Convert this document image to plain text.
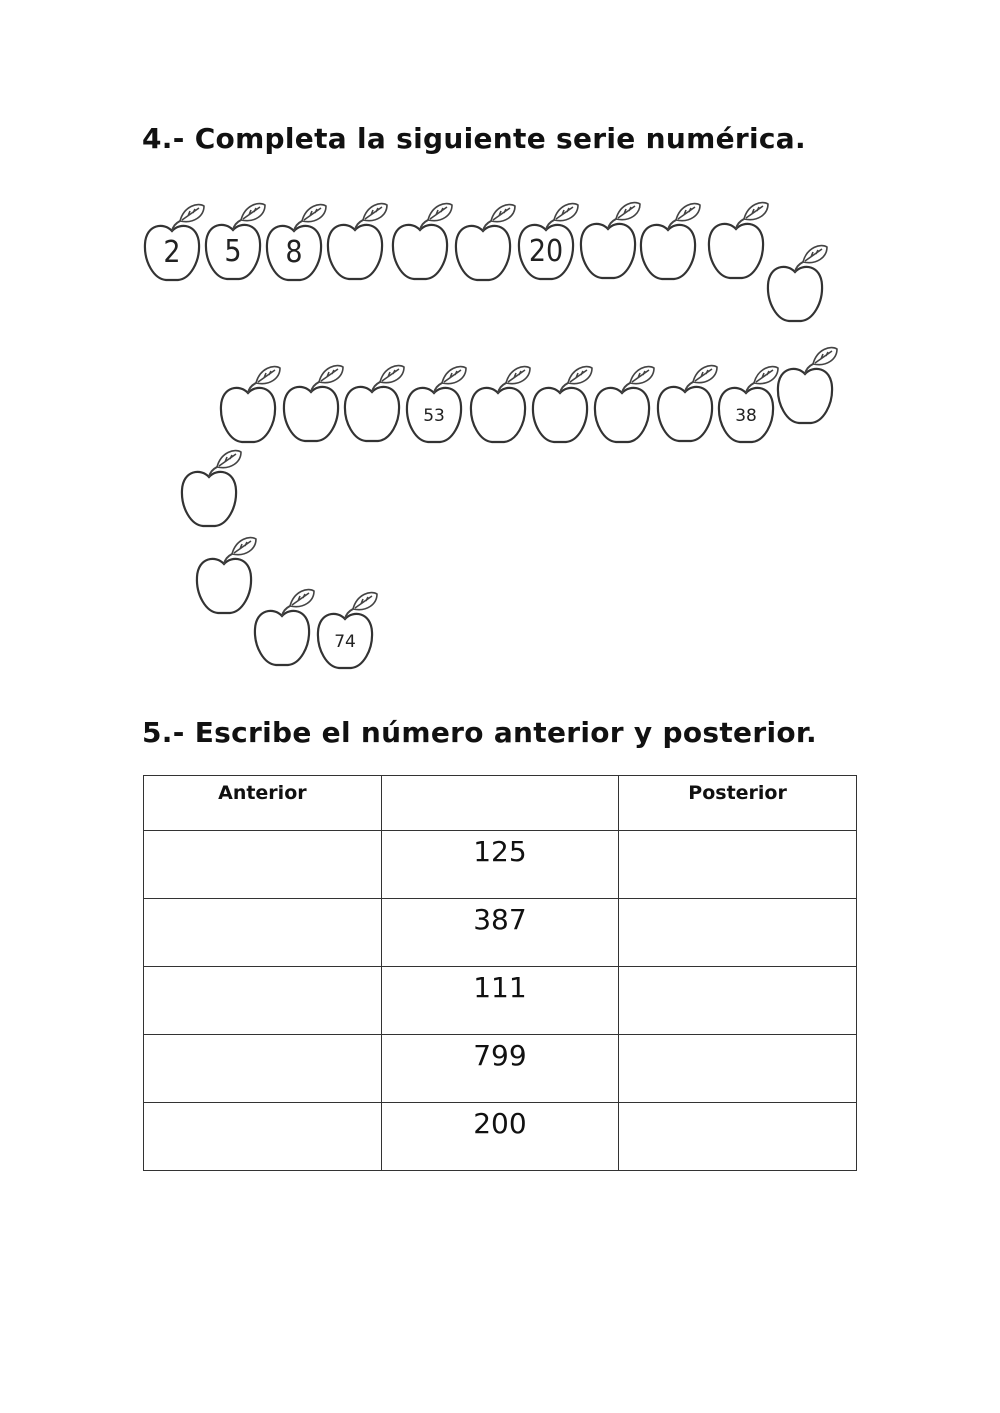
4.- Completa la siguiente serie numérica.
2 5 8	20
38
53
74
5.- Escribe el número anterior y posterior.
Anterior		Posterior
	125	
	387	
	111	
	799	
	200	
